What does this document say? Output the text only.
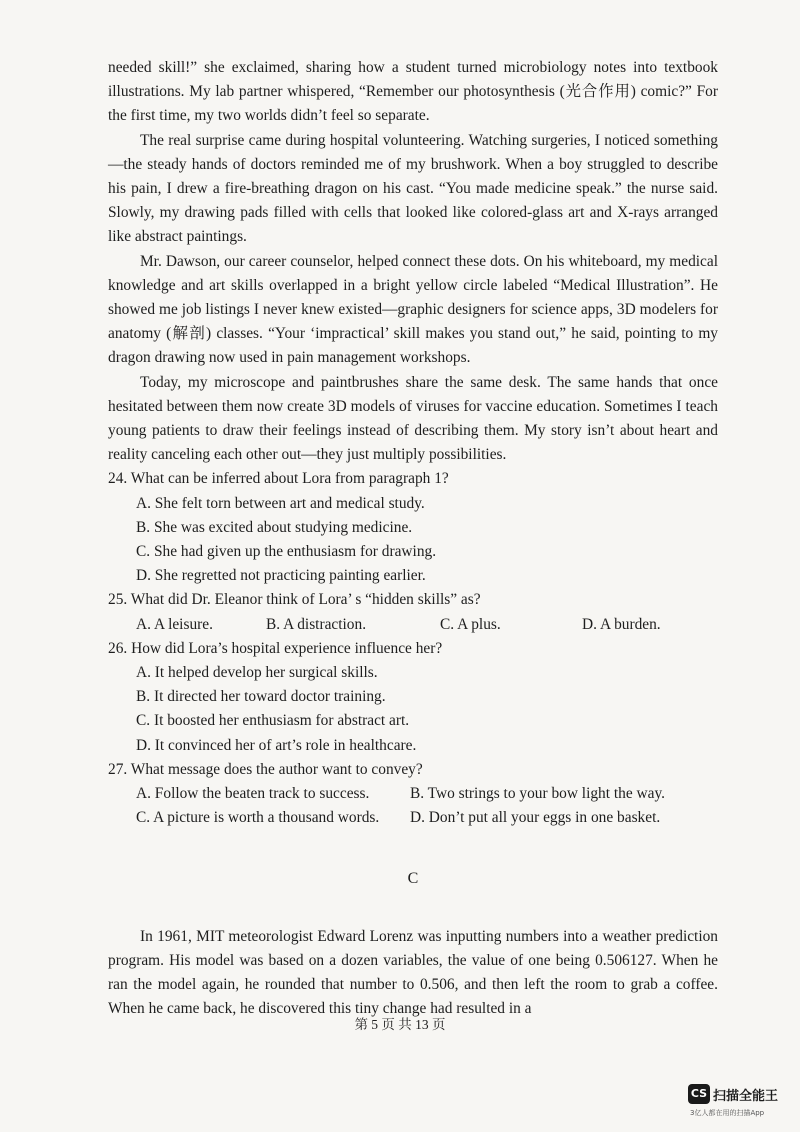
needed skill!” she exclaimed, sharing how a student turned microbiology notes into textbook illustrations. My lab partner whispered, “Remember our photosynthesis (光合作用) comic?” For the first time, my two worlds didn’t feel so separate.

The real surprise came during hospital volunteering. Watching surgeries, I noticed something—the steady hands of doctors reminded me of my brushwork. When a boy struggled to describe his pain, I drew a fire-breathing dragon on his cast. “You made medicine speak.” the nurse said. Slowly, my drawing pads filled with cells that looked like colored-glass art and X-rays arranged like abstract paintings.

Mr. Dawson, our career counselor, helped connect these dots. On his whiteboard, my medical knowledge and art skills overlapped in a bright yellow circle labeled “Medical Illustration”. He showed me job listings I never knew existed—graphic designers for science apps, 3D modelers for anatomy (解剖) classes. “Your ‘impractical’ skill makes you stand out,” he said, pointing to my dragon drawing now used in pain management workshops.

Today, my microscope and paintbrushes share the same desk. The same hands that once hesitated between them now create 3D models of viruses for vaccine education. Sometimes I teach young patients to draw their feelings instead of describing them. My story isn’t about heart and reality canceling each other out—they just multiply possibilities.

24. What can be inferred about Lora from paragraph 1?

A. She felt torn between art and medical study.

B. She was excited about studying medicine.

C. She had given up the enthusiasm for drawing.

D. She regretted not practicing painting earlier.

25. What did Dr. Eleanor think of Lora’ s “hidden skills” as?

A. A leisure.	B. A distraction.	C. A plus.	D. A burden.

26. How did Lora’s hospital experience influence her?

A. It helped develop her surgical skills.

B. It directed her toward doctor training.

C. It boosted her enthusiasm for abstract art.

D. It convinced her of art’s role in healthcare.

27. What message does the author want to convey?

A. Follow the beaten track to success.	B. Two strings to your bow light the way.
C. A picture is worth a thousand words.	D. Don’t put all your eggs in one basket.
C

In 1961, MIT meteorologist Edward Lorenz was inputting numbers into a weather prediction program. His model was based on a dozen variables, the value of one being 0.506127. When he ran the model again, he rounded that number to 0.506, and then left the room to grab a coffee. When he came back, he discovered this tiny change had resulted in a

第 5 页 共 13 页
CS 扫描全能王
3亿人都在用的扫描App
